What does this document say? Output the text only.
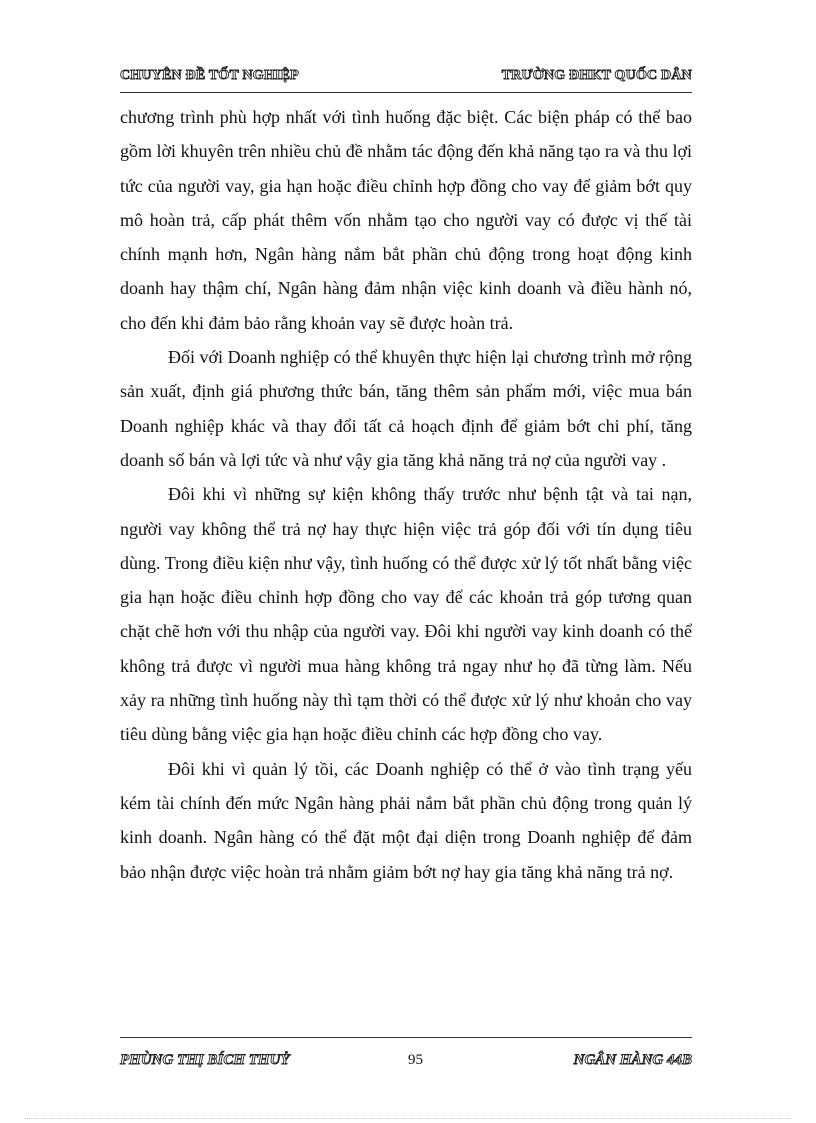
CHUYÊN ĐỀ TỐT NGHIỆP	TRƯỜNG ĐHKT QUỐC DÂN

chương trình phù hợp nhất với tình huống đặc biệt. Các biện pháp có thể bao gồm lời khuyên trên nhiều chủ đề nhằm tác động đến khả năng tạo ra và thu lợi tức của người vay, gia hạn hoặc điều chỉnh hợp đồng cho vay để giảm bớt quy mô hoàn trả, cấp phát thêm vốn nhằm tạo cho người vay có được vị thế tài chính mạnh hơn, Ngân hàng nắm bắt phần chủ động trong hoạt động kinh doanh hay thậm chí, Ngân hàng đảm nhận việc kinh doanh và điều hành nó, cho đến khi đảm bảo rằng khoản vay sẽ được hoàn trả.

Đối với Doanh nghiệp có thể khuyên thực hiện lại chương trình mở rộng sản xuất, định giá phương thức bán, tăng thêm sản phẩm mới, việc mua bán Doanh nghiệp khác và thay đổi tất cả hoạch định để giảm bớt chi phí, tăng doanh số bán và lợi tức và như vậy gia tăng khả năng trả nợ của người vay .

Đôi khi vì những sự kiện không thấy trước như bệnh tật và tai nạn, người vay không thể trả nợ hay thực hiện việc trả góp đối với tín dụng tiêu dùng. Trong điều kiện như vậy, tình huống có thể được xử lý tốt nhất bằng việc gia hạn hoặc điều chỉnh hợp đồng cho vay để các khoản trả góp tương quan chặt chẽ hơn với thu nhập của người vay. Đôi khi người vay kinh doanh có thể không trả được vì người mua hàng không trả ngay như họ đã từng làm. Nếu xảy ra những tình huống này thì tạm thời có thể được xử lý như khoản cho vay tiêu dùng bằng việc gia hạn hoặc điều chỉnh các hợp đồng cho vay.

Đôi khi vì quản lý tồi, các Doanh nghiệp có thể ở vào tình trạng yếu kém tài chính đến mức Ngân hàng phải nắm bắt phần chủ động trong quản lý kinh doanh. Ngân hàng có thể đặt một đại diện trong Doanh nghiệp để đảm bảo nhận được việc hoàn trả nhằm giảm bớt nợ hay gia tăng khả năng trả nợ.

PHÙNG THỊ BÍCH THUỶ	95	NGÂN HÀNG 44B
